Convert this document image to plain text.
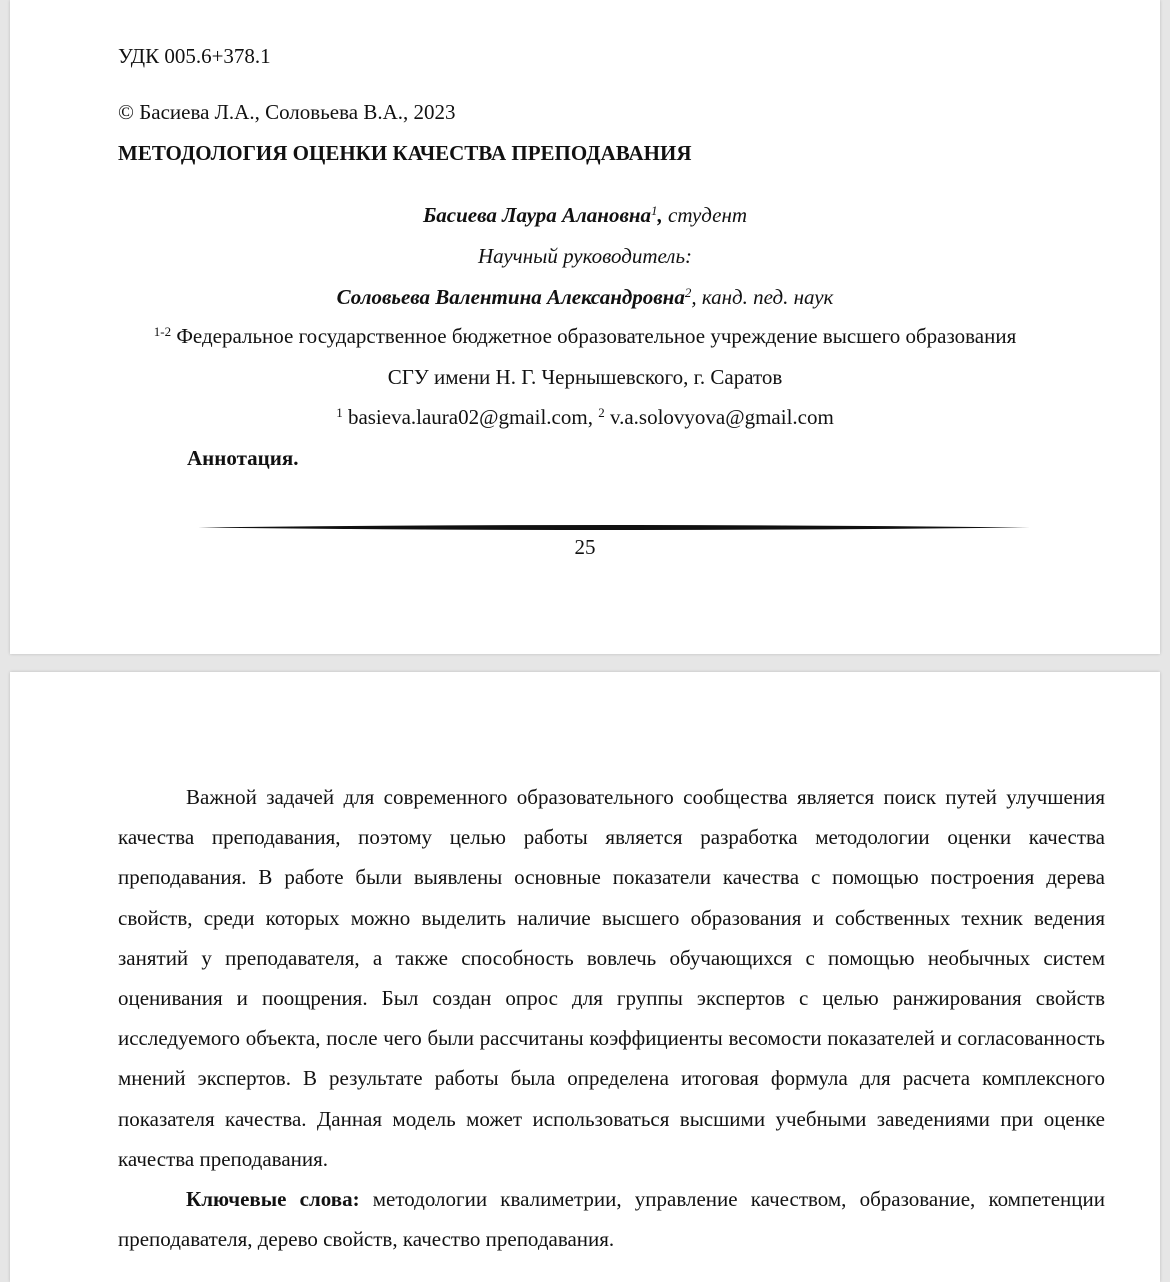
УДК 005.6+378.1
© Басиева Л.А., Соловьева В.А., 2023
МЕТОДОЛОГИЯ ОЦЕНКИ КАЧЕСТВА ПРЕПОДАВАНИЯ
Басиева Лаура Алановна$^1$, студент
Научный руководитель:
Соловьева Валентина Александровна$^2$, канд. пед. наук
$^{1-2}$ Федеральное государственное бюджетное образовательное учреждение высшего образования
СГУ имени Н. Г. Чернышевского, г. Саратов
$^1$ basieva.laura02@gmail.com, $^2$ v.a.solovyova@gmail.com
Аннотация.
25

Важной задачей для современного образовательного сообщества является поиск путей улучшения качества преподавания, поэтому целью работы является разработка методологии оценки качества преподавания. В работе были выявлены основные показатели качества с помощью построения дерева свойств, среди которых можно выделить наличие высшего образования и собственных техник ведения занятий у преподавателя, а также способность вовлечь обучающихся с помощью необычных систем оценивания и поощрения. Был создан опрос для группы экспертов с целью ранжирования свойств исследуемого объекта, после чего были рассчитаны коэффициенты весомости показателей и согласованность мнений экспертов. В результате работы была определена итоговая формула для расчета комплексного показателя качества. Данная модель может использоваться высшими учебными заведениями при оценке качества преподавания.

Ключевые слова: методологии квалиметрии, управление качеством, образование, компетенции преподавателя, дерево свойств, качество преподавания.
